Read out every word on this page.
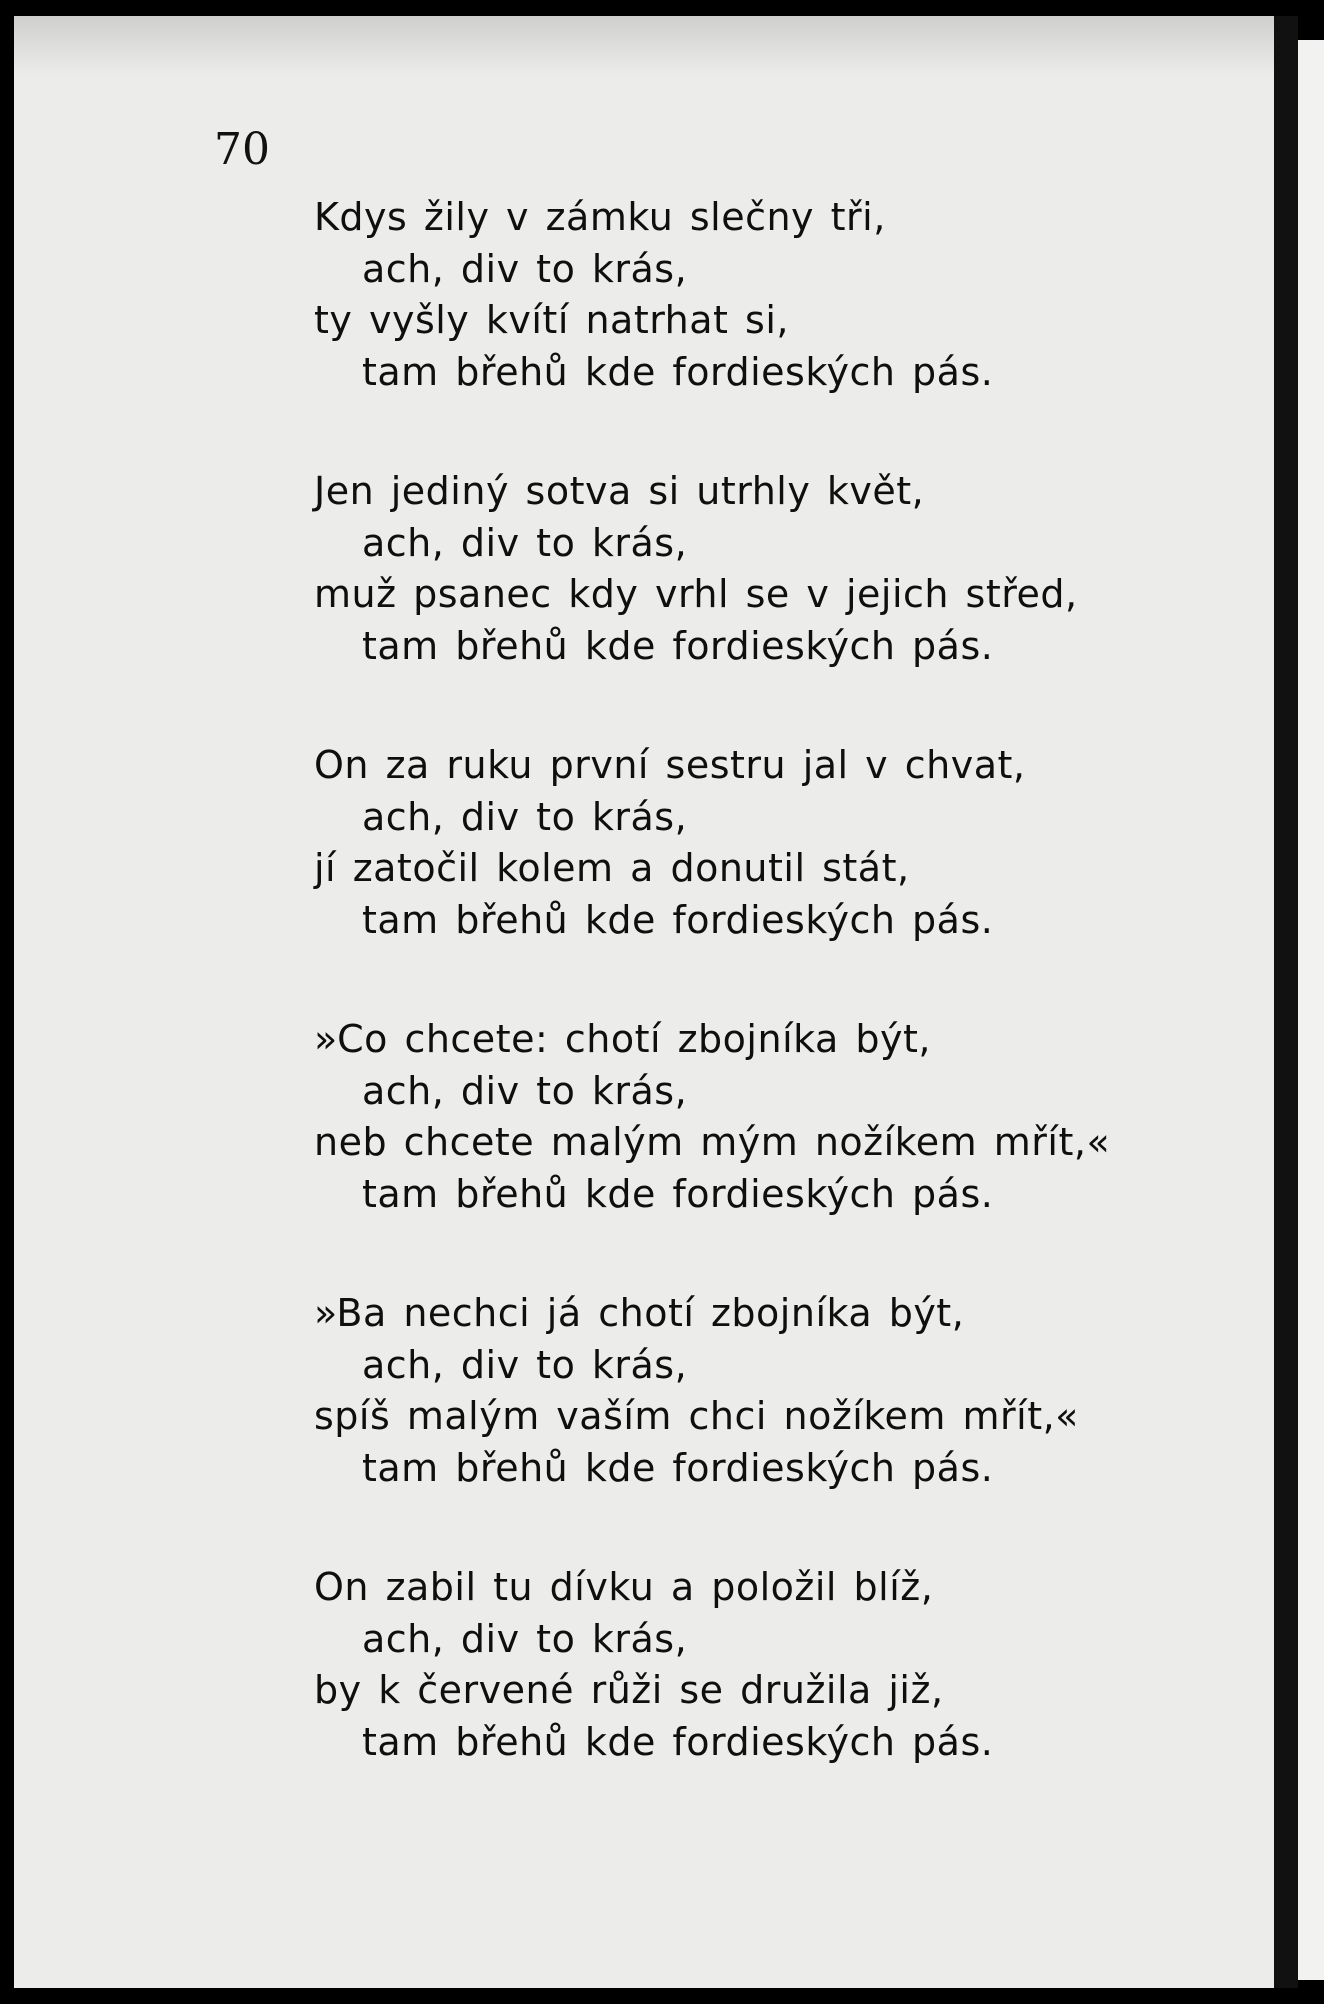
70
Kdys žily v zámku slečny tři,
ach, div to krás,
ty vyšly kvítí natrhat si,
tam břehů kde fordieských pás.
Jen jediný sotva si utrhly květ,
ach, div to krás,
muž psanec kdy vrhl se v jejich střed,
tam břehů kde fordieských pás.
On za ruku první sestru jal v chvat,
ach, div to krás,
jí zatočil kolem a donutil stát,
tam břehů kde fordieských pás.
»Co chcete: chotí zbojníka být,
ach, div to krás,
neb chcete malým mým nožíkem mřít,«
tam břehů kde fordieských pás.
»Ba nechci já chotí zbojníka být,
ach, div to krás,
spíš malým vaším chci nožíkem mřít,«
tam břehů kde fordieských pás.
On zabil tu dívku a položil blíž,
ach, div to krás,
by k červené růži se družila již,
tam břehů kde fordieských pás.
